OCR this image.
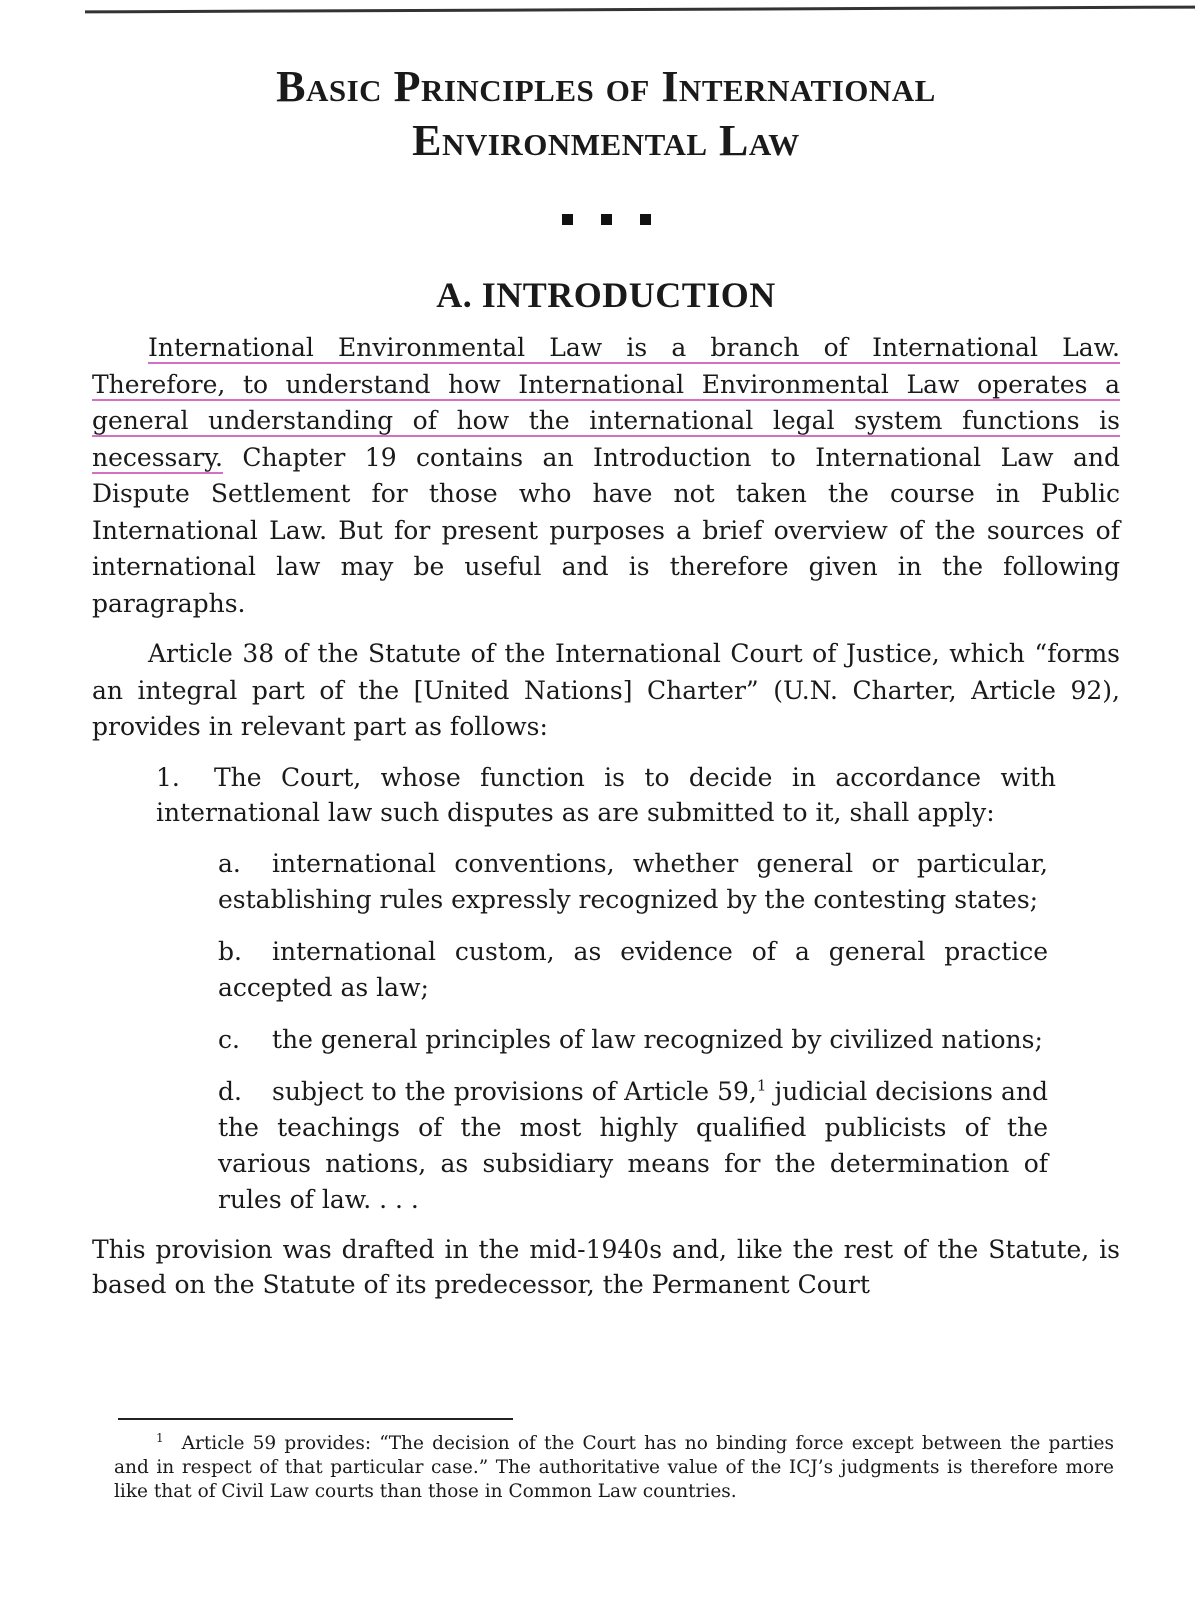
Basic Principles of International
Environmental Law
A. INTRODUCTION

International Environmental Law is a branch of International Law. Therefore, to understand how International Environmental Law operates a general understanding of how the international legal system functions is necessary. Chapter 19 contains an Introduction to International Law and Dispute Settlement for those who have not taken the course in Public International Law. But for present purposes a brief overview of the sources of international law may be useful and is therefore given in the following paragraphs.

Article 38 of the Statute of the International Court of Justice, which “forms an integral part of the [United Nations] Charter” (U.N. Charter, Article 92), provides in relevant part as follows:

1. The Court, whose function is to decide in accordance with international law such disputes as are submitted to it, shall apply:
a. international conventions, whether general or particular, establishing rules expressly recognized by the contesting states;
b. international custom, as evidence of a general practice accepted as law;
c. the general principles of law recognized by civilized nations;
d. subject to the provisions of Article 59,$^1$ judicial decisions and the teachings of the most highly qualified publicists of the various nations, as subsidiary means for the determination of rules of law. . . .

This provision was drafted in the mid-1940s and, like the rest of the Statute, is based on the Statute of its predecessor, the Permanent Court

$^1$ Article 59 provides: “The decision of the Court has no binding force except between the parties and in respect of that particular case.” The authoritative value of the ICJ’s judgments is therefore more like that of Civil Law courts than those in Common Law countries.
